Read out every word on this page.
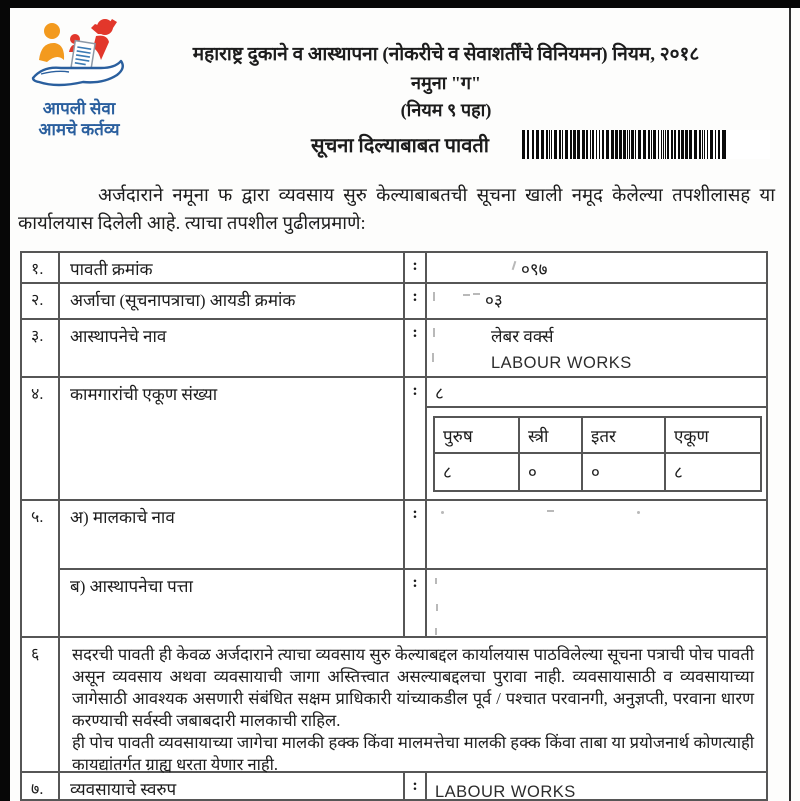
आपली सेवा
आमचे कर्तव्य
महाराष्ट्र दुकाने व आस्थापना (नोकरीचे व सेवाशर्तींचे विनियमन) नियम, २०१८
नमुना "ग"
(नियम ९ पहा)
सूचना दिल्याबाबत पावती
अर्जदाराने नमूना फ द्वारा व्यवसाय सुरु केल्याबाबतची सूचना खाली नमूद केलेल्या तपशीलासह या कार्यालयास दिलेली आहे. त्याचा तपशील पुढीलप्रमाणे:
१.	पावती क्रमांक	:	०९७
२.	अर्जाचा (सूचनापत्राचा) आयडी क्रमांक	:	०३
३.	आस्थापनेचे नाव	:	लेबर वर्क्स
LABOUR WORKS
४.	कामगारांची एकूण संख्या	:	८
पुरुष	स्त्री	इतर	एकूण
८	०	०	८
५.	अ) मालकाचे नाव	:
ब) आस्थापनेचा पत्ता	:
६	सदरची पावती ही केवळ अर्जदाराने त्याचा व्यवसाय सुरु केल्याबद्दल कार्यालयास पाठविलेल्या सूचना पत्राची पोच पावती असून व्यवसाय अथवा व्यवसायाची जागा अस्तित्त्वात असल्याबद्दलचा पुरावा नाही. व्यवसायासाठी व व्यवसायाच्या जागेसाठी आवश्यक असणारी संबंधित सक्षम प्राधिकारी यांच्याकडील पूर्व / पश्चात परवानगी, अनुज्ञप्ती, परवाना धारण करण्याची सर्वस्वी जबाबदारी मालकाची राहिल.

ही पोच पावती व्यवसायाच्या जागेचा मालकी हक्क किंवा मालमत्तेचा मालकी हक्क किंवा ताबा या प्रयोजनार्थ कोणत्याही कायद्यांतर्गत ग्राह्य धरता येणार नाही.

७.	व्यवसायाचे स्वरुप	:	LABOUR WORKS
